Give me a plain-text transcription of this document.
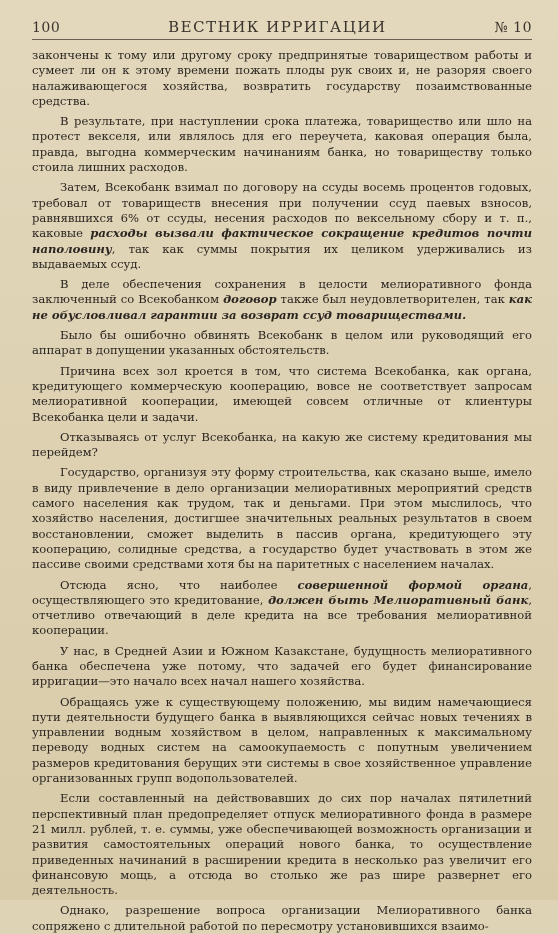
100	ВЕСТНИК ИРРИГАЦИИ	№ 10

закончены к тому или другому сроку предпринятые товариществом работы и сумеет ли он к этому времени пожать плоды рук своих и, не разоряя своего налаживающегося хозяйства, возвратить государству позаимствованные средства.

В результате, при наступлении срока платежа, товарищество или шло на протест векселя, или являлось для его переучета, каковая операция была, правда, выгодна коммерческим начинаниям банка, но товариществу только стоила лишних расходов.

Затем, Всекобанк взимал по договору на ссуды восемь процентов годовых, требовал от товариществ внесения при получении ссуд паевых взносов, равнявшихся 6% от ссуды, несения расходов по вексельному сбору и т. п., каковые расходы вызвали фактическое сокращение кредитов почти наполовину, так как суммы покрытия их целиком удерживались из выдаваемых ссуд.

В деле обеспечения сохранения в целости мелиоративного фонда заключенный со Всекобанком договор также был неудовлетворителен, так как не обусловливал гарантии за возврат ссуд товариществами.

Было бы ошибочно обвинять Всекобанк в целом или руководящий его аппарат в допущении указанных обстоятельств.

Причина всех зол кроется в том, что система Всекобанка, как органа, кредитующего коммерческую кооперацию, вовсе не соответствует запросам мелиоративной кооперации, имеющей совсем отличные от клиентуры Всекобанка цели и задачи.

Отказываясь от услуг Всекобанка, на какую же систему кредитования мы перейдем?

Государство, организуя эту форму строительства, как сказано выше, имело в виду привлечение в дело организации мелиоративных мероприятий средств самого населения как трудом, так и деньгами. При этом мыслилось, что хозяйство населения, достигшее значительных реальных результатов в своем восстановлении, сможет выделить в пассив органа, кредитующего эту кооперацию, солидные средства, а государство будет участвовать в этом же пассиве своими средствами хотя бы на паритетных с населением началах.

Отсюда ясно, что наиболее совершенной формой органа, осуществляющего это кредитование, должен быть Мелиоративный банк, отчетливо отвечающий в деле кредита на все требования мелиоративной кооперации.

У нас, в Средней Азии и Южном Казакстане, будущность мелиоративного банка обеспечена уже потому, что задачей его будет финансирование ирригации—это начало всех начал нашего хозяйства.

Обращаясь уже к существующему положению, мы видим намечающиеся пути деятельности будущего банка в выявляющихся сейчас новых течениях в управлении водным хозяйством в целом, направленных к максимальному переводу водных систем на самоокупаемость с попутным увеличением размеров кредитования берущих эти системы в свое хозяйственное управление организованных групп водопользователей.

Если составленный на действовавших до сих пор началах пятилетний перспективный план предопределяет отпуск мелиоративного фонда в размере 21 милл. рублей, т. е. суммы, уже обеспечивающей возможность организации и развития самостоятельных операций нового банка, то осуществление приведенных начинаний в расширении кредита в несколько раз увеличит его финансовую мощь, а отсюда во столько же раз шире развернет его деятельность.

Однако, разрешение вопроса организации Мелиоративного банка сопряжено с длительной работой по пересмотру установившихся взаимо-
